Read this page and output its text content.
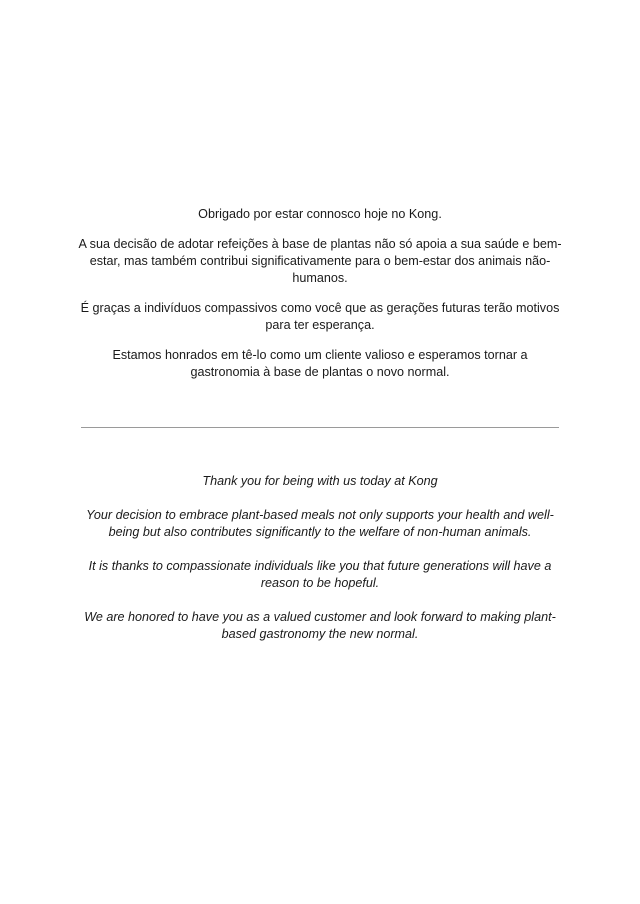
Obrigado por estar connosco hoje no Kong.

A sua decisão de adotar refeições à base de plantas não só apoia a sua saúde e bem-estar, mas também contribui significativamente para o bem-estar dos animais não-humanos.

É graças a indivíduos compassivos como você que as gerações futuras terão motivos para ter esperança.

Estamos honrados em tê-lo como um cliente valioso e esperamos tornar a gastronomia à base de plantas o novo normal.

Thank you for being with us today at Kong

Your decision to embrace plant-based meals not only supports your health and well-being but also contributes significantly to the welfare of non-human animals.

It is thanks to compassionate individuals like you that future generations will have a reason to be hopeful.

We are honored to have you as a valued customer and look forward to making plant-based gastronomy the new normal.
